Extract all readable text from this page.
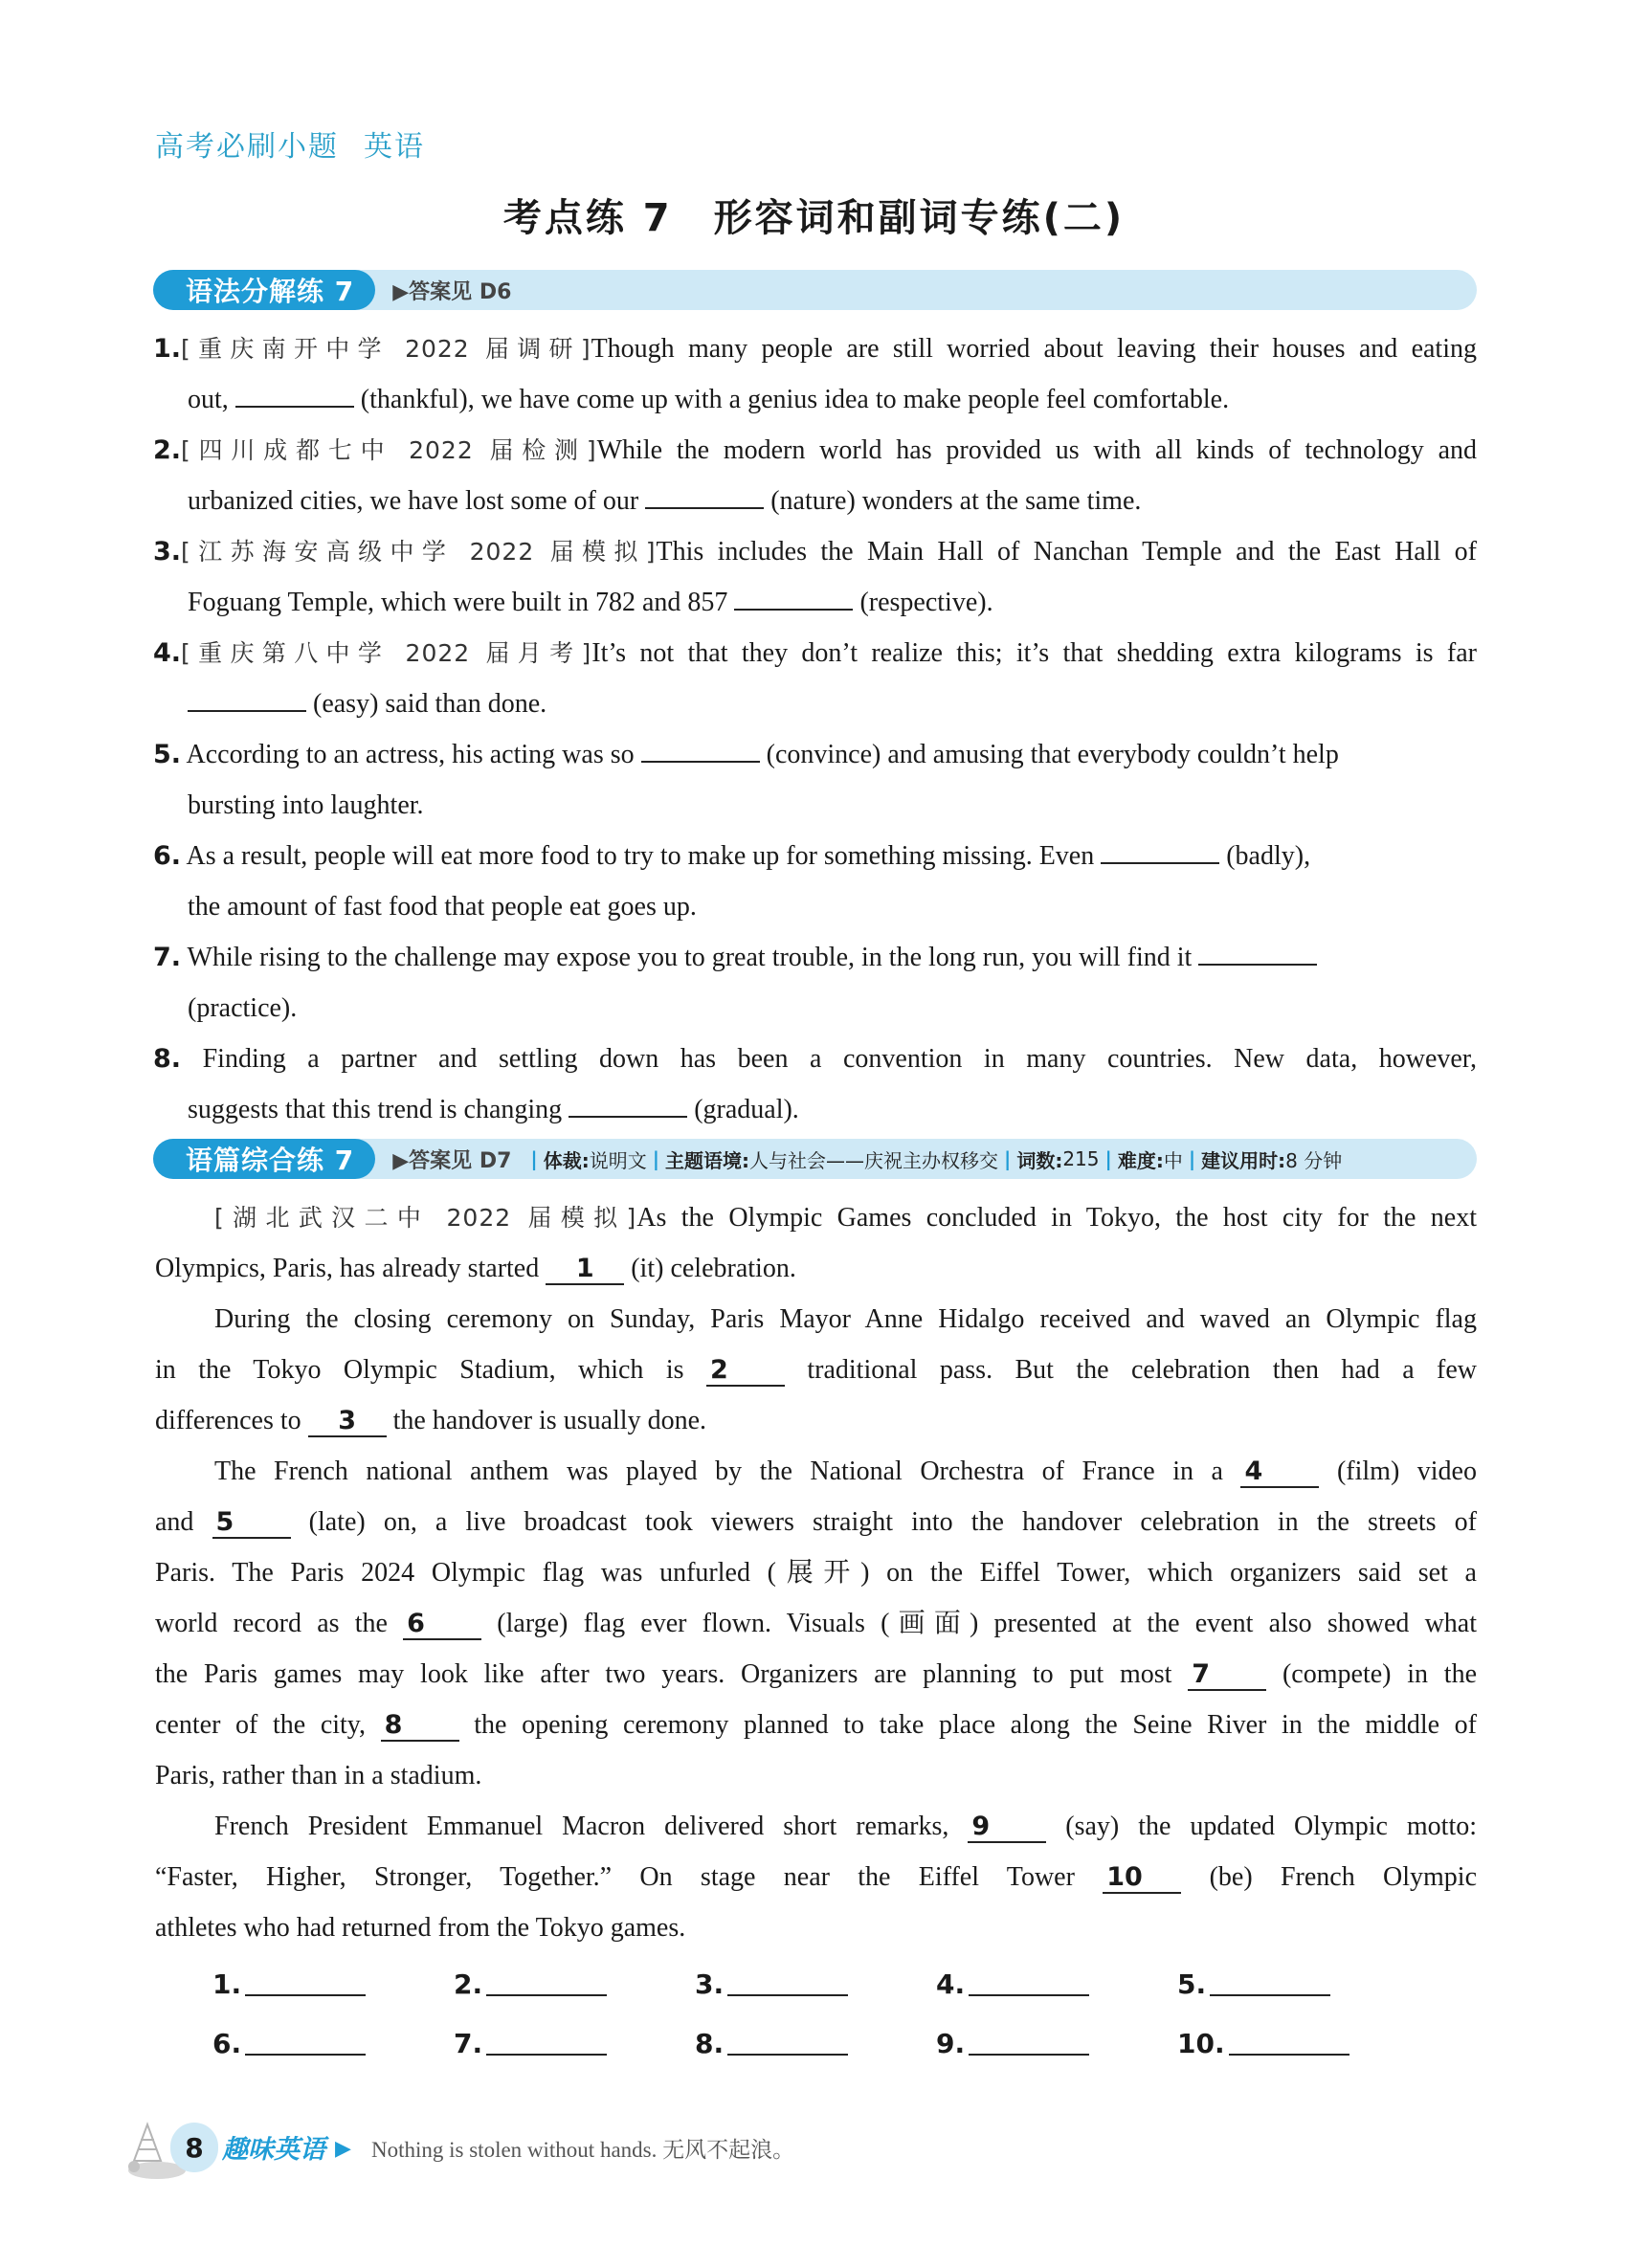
高考必刷小题 英语
考点练 7　形容词和副词专练(二)
语法分解练 7	▶答案见 D6
1.[重庆南开中学 2022 届调研]Though many people are still worried about leaving their houses and eating
out,	(thankful), we have come up with a genius idea to make people feel comfortable.
2.[四川成都七中 2022 届检测]While the modern world has provided us with all kinds of technology and
urbanized cities, we have lost some of our	(nature) wonders at the same time.
3.[江苏海安高级中学 2022 届模拟]This includes the Main Hall of Nanchan Temple and the East Hall of
Foguang Temple, which were built in 782 and 857	(respective).
4.[重庆第八中学 2022 届月考]It’s not that they don’t realize this; it’s that shedding extra kilograms is far
(easy) said than done.
5. According to an actress, his acting was so	(convince) and amusing that everybody couldn’t help
bursting into laughter.
6. As a result, people will eat more food to try to make up for something missing. Even	(badly),
the amount of fast food that people eat goes up.
7. While rising to the challenge may expose you to great trouble, in the long run, you will find it
(practice).
8. Finding a partner and settling down has been a convention in many countries. New data, however,
suggests that this trend is changing	(gradual).
语篇综合练 7	▶答案见 D7 | 体裁: 说明文 | 主题语境: 人与社会——庆祝主办权移交 | 词数: 215 | 难度: 中 | 建议用时: 8 分钟
[湖北武汉二中 2022 届模拟]As the Olympic Games concluded in Tokyo, the host city for the next
Olympics, Paris, has already started 1 (it) celebration.
During the closing ceremony on Sunday, Paris Mayor Anne Hidalgo received and waved an Olympic flag
in the Tokyo Olympic Stadium, which is 2	traditional pass. But the celebration then had a few
differences to 3 the handover is usually done.
The French national anthem was played by the National Orchestra of France in a 4	(film) video
and 5	(late) on, a live broadcast took viewers straight into the handover celebration in the streets of
Paris. The Paris 2024 Olympic flag was unfurled (展开) on the Eiffel Tower, which organizers said set a
world record as the 6	(large) flag ever flown. Visuals (画面) presented at the event also showed what
the Paris games may look like after two years. Organizers are planning to put most 7	(compete) in the
center of the city, 8	the opening ceremony planned to take place along the Seine River in the middle of
Paris, rather than in a stadium.
French President Emmanuel Macron delivered short remarks, 9	(say) the updated Olympic motto:
“Faster, Higher, Stronger, Together.” On stage near the Eiffel Tower 10 (be) French Olympic
athletes who had returned from the Tokyo games.
1.	2.	3.	4.	5.
6.	7.	8.	9.	10.
8 趣味英语 ▶ Nothing is stolen without hands. 无风不起浪。
